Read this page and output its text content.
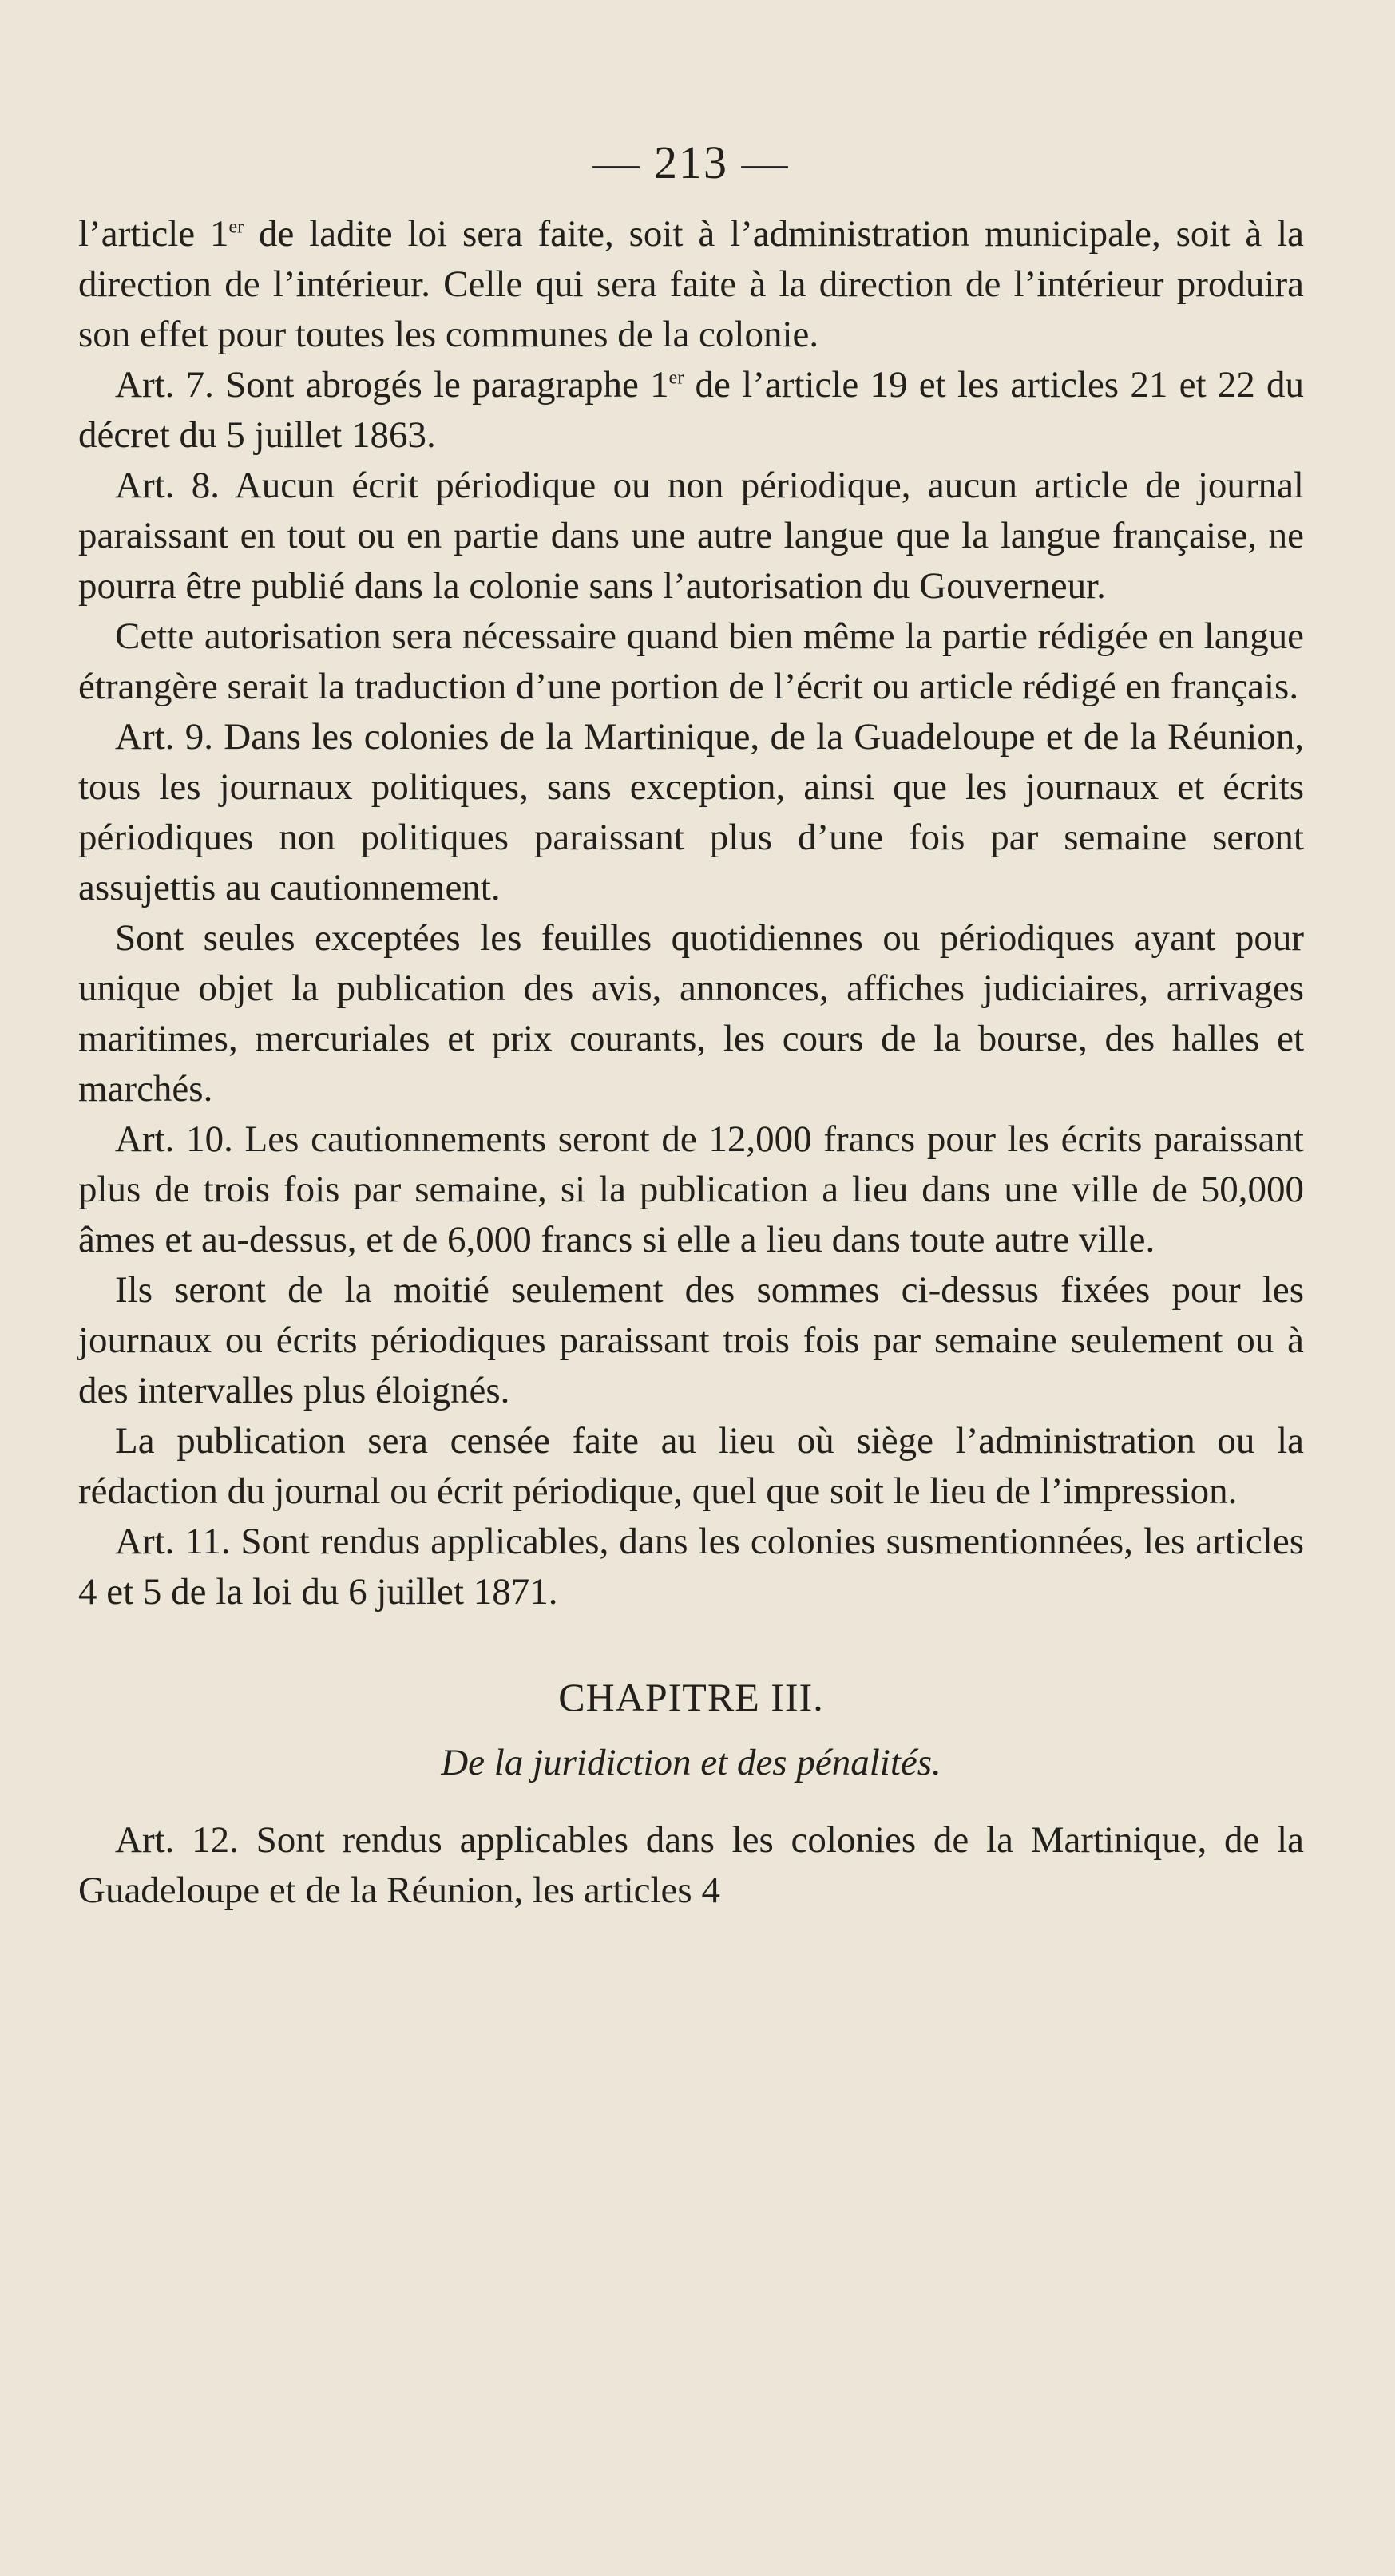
— 213 —

l’article 1er de ladite loi sera faite, soit à l’administration municipale, soit à la direction de l’intérieur. Celle qui sera faite à la direction de l’intérieur produira son effet pour toutes les communes de la colonie.

Art. 7. Sont abrogés le paragraphe 1er de l’article 19 et les articles 21 et 22 du décret du 5 juillet 1863.

Art. 8. Aucun écrit périodique ou non périodique, aucun article de journal paraissant en tout ou en partie dans une autre langue que la langue française, ne pourra être publié dans la colonie sans l’autorisation du Gouverneur.

Cette autorisation sera nécessaire quand bien même la partie rédigée en langue étrangère serait la traduction d’une portion de l’écrit ou article rédigé en français.

Art. 9. Dans les colonies de la Martinique, de la Guadeloupe et de la Réunion, tous les journaux politiques, sans exception, ainsi que les journaux et écrits périodiques non politiques paraissant plus d’une fois par semaine seront assujettis au cautionnement.

Sont seules exceptées les feuilles quotidiennes ou périodiques ayant pour unique objet la publication des avis, annonces, affiches judiciaires, arrivages maritimes, mercuriales et prix courants, les cours de la bourse, des halles et marchés.

Art. 10. Les cautionnements seront de 12,000 francs pour les écrits paraissant plus de trois fois par semaine, si la publication a lieu dans une ville de 50,000 âmes et au-dessus, et de 6,000 francs si elle a lieu dans toute autre ville.

Ils seront de la moitié seulement des sommes ci-dessus fixées pour les journaux ou écrits périodiques paraissant trois fois par semaine seulement ou à des intervalles plus éloignés.

La publication sera censée faite au lieu où siège l’administration ou la rédaction du journal ou écrit périodique, quel que soit le lieu de l’impression.

Art. 11. Sont rendus applicables, dans les colonies susmentionnées, les articles 4 et 5 de la loi du 6 juillet 1871.

CHAPITRE III.
De la juridiction et des pénalités.

Art. 12. Sont rendus applicables dans les colonies de la Martinique, de la Guadeloupe et de la Réunion, les articles 4
